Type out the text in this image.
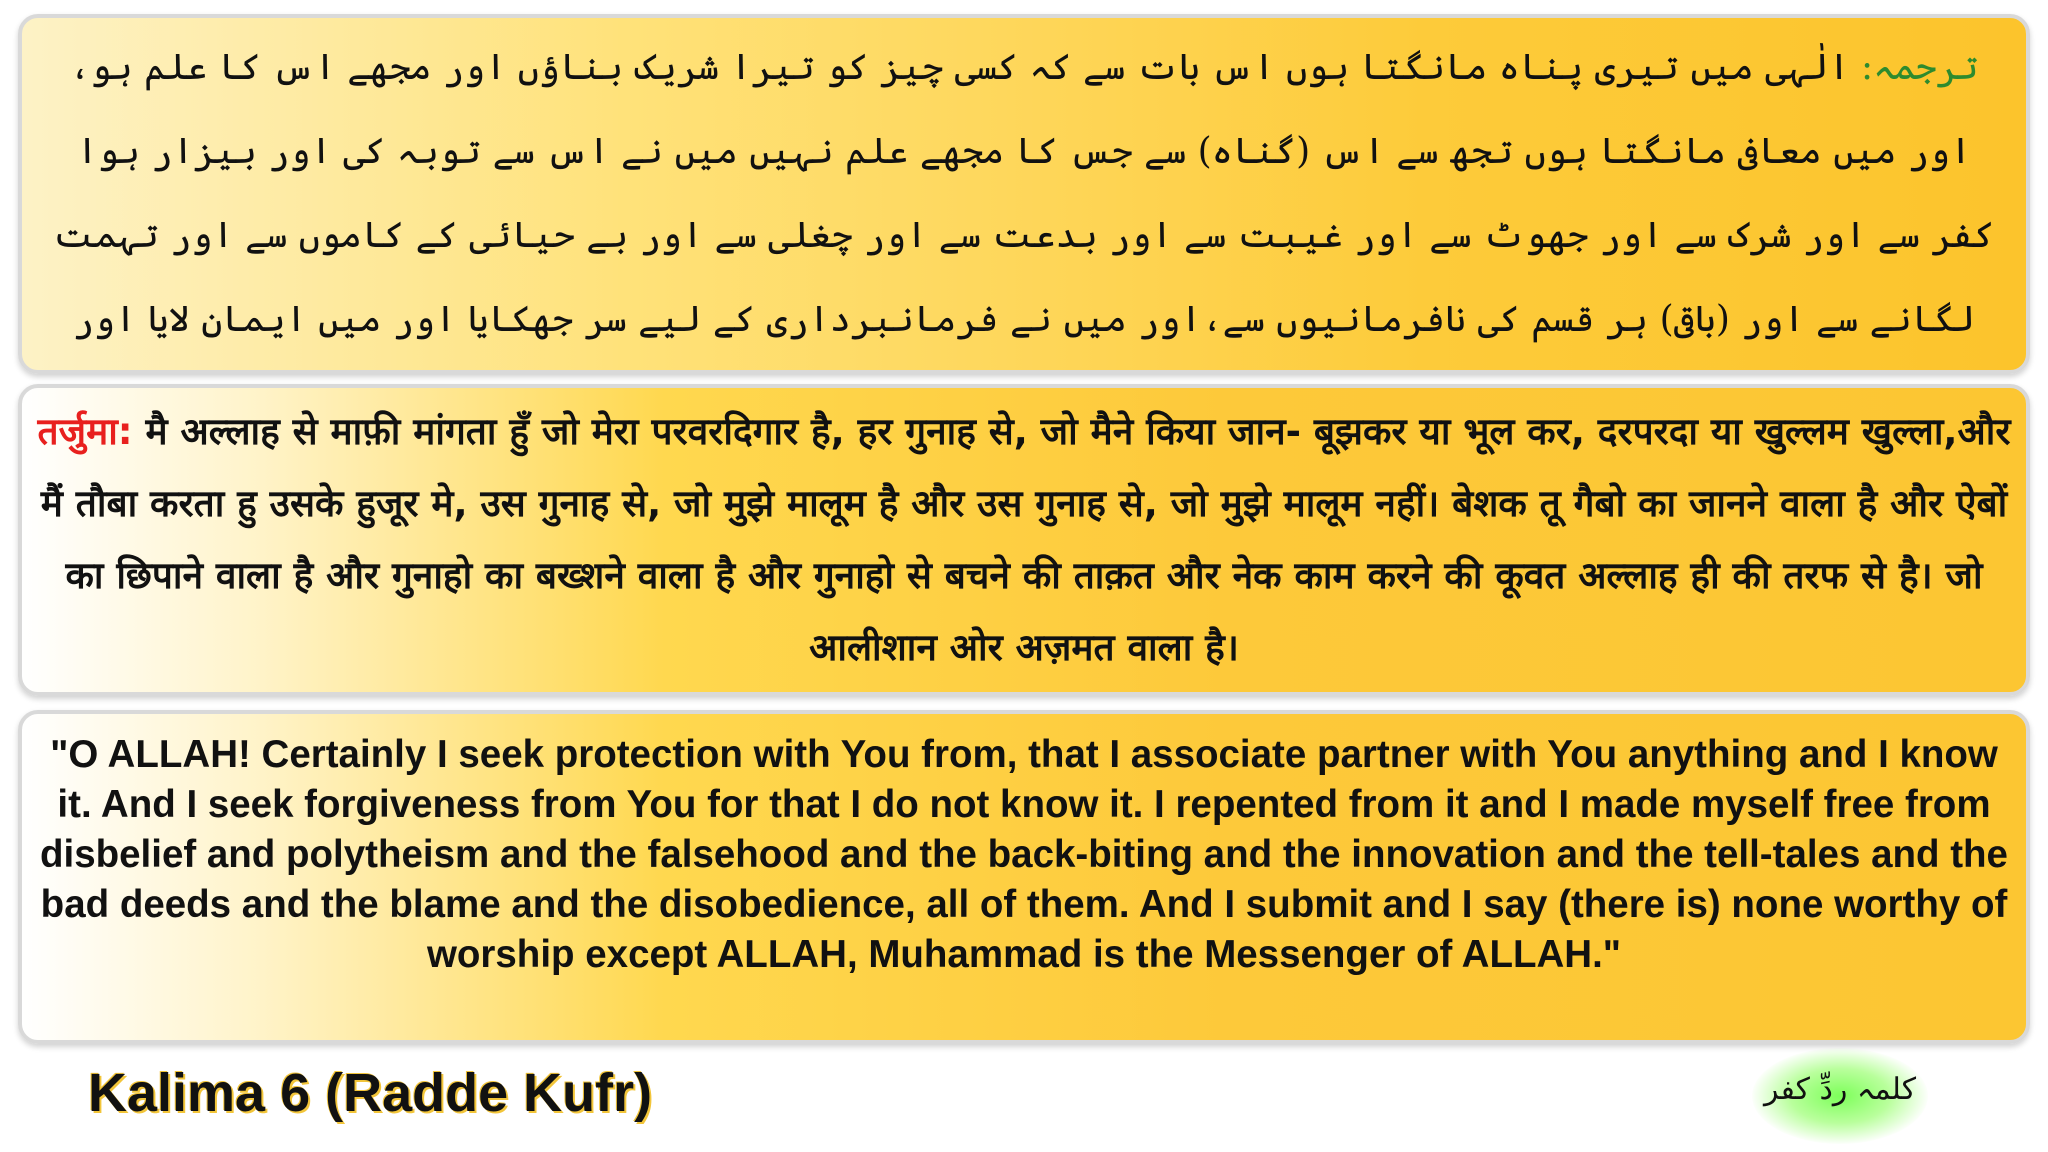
ترجمہ: الٰہی میں تیری پناہ مانگتا ہوں اس بات سے کہ کسی چیز کو تیرا شریک بناؤں اور مجھے اس کا علم ہو، اور میں معافی مانگتا ہوں تجھ سے اس (گناہ) سے جس کا مجھے علم نہیں میں نے اس سے توبہ کی اور بیزار ہوا کفر سے اور شرک سے اور جھوٹ سے اور غیبت سے اور بدعت سے اور چغلی سے اور بے حیائی کے کاموں سے اور تہمت لگانے سے اور (باقی) ہر قسم کی نافرمانیوں سے،اور میں نے فرمانبرداری کے لیے سر جھکایا اور میں ایمان لایا اور
तर्जुमा: मै अल्लाह से माफ़ी मांगता हुँ जो मेरा परवरदिगार है, हर गुनाह से, जो मैने किया जान- बूझकर या भूल कर, दरपरदा या खुल्लम खुल्ला,और मैं तौबा करता हु उसके हुजूर मे, उस गुनाह से, जो मुझे मालूम है और उस गुनाह से, जो मुझे मालूम नहीं। बेशक तू गैबो का जानने वाला है और ऐबों का छिपाने वाला है और गुनाहो का बख्शने वाला है और गुनाहो से बचने की ताक़त और नेक काम करने की कूवत अल्लाह ही की तरफ से है। जो आलीशान ओर अज़मत वाला है।
"O ALLAH! Certainly I seek protection with You from, that I associate partner with You anything and I know it. And I seek forgiveness from You for that I do not know it. I repented from it and I made myself free from disbelief and polytheism and the falsehood and the back-biting and the innovation and the tell-tales and the bad deeds and the blame and the disobedience, all of them. And I submit and I say (there is) none worthy of worship except ALLAH, Muhammad is the Messenger of ALLAH."
Kalima 6 (Radde Kufr)	کلمہ ردِّ کفر
